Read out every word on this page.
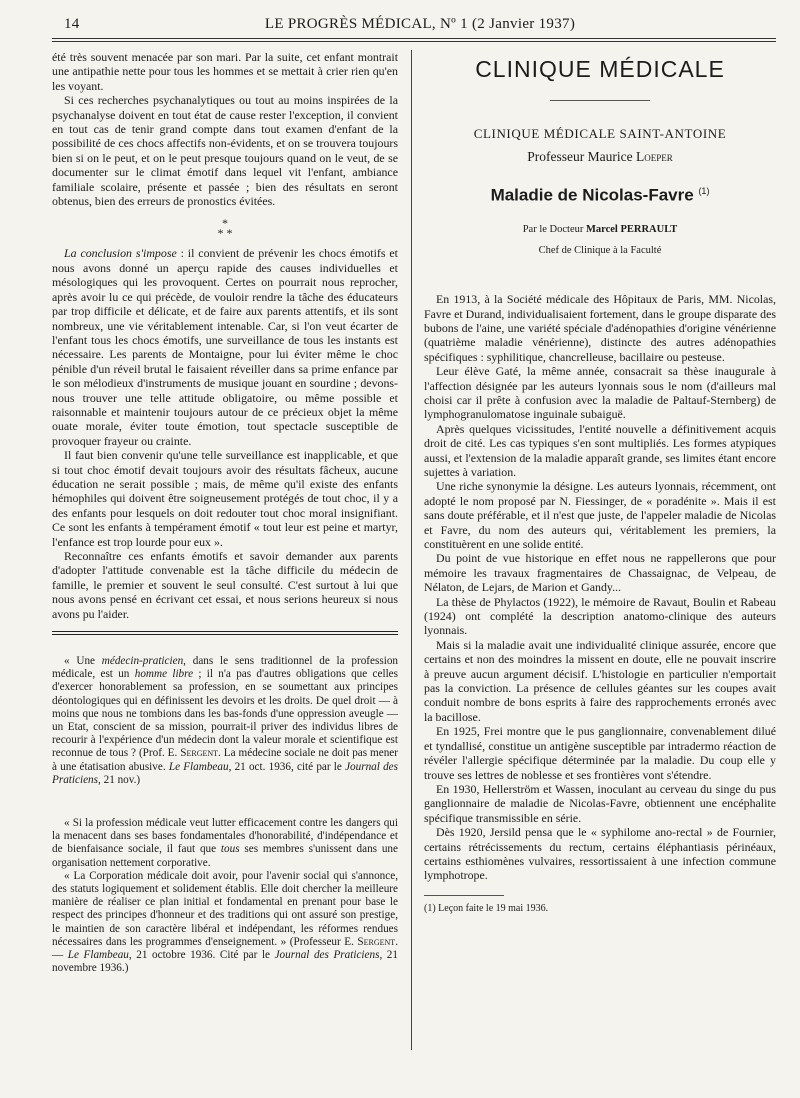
14	LE PROGRÈS MÉDICAL, Nº 1 (2 Janvier 1937)

été très souvent menacée par son mari. Par la suite, cet enfant montrait une antipathie nette pour tous les hommes et se mettait à crier rien qu'en les voyant.

Si ces recherches psychanalytiques ou tout au moins inspirées de la psychanalyse doivent en tout état de cause rester l'exception, il convient en tout cas de tenir grand compte dans tout examen d'enfant de la possibilité de ces chocs affectifs non-évidents, et on se trouvera toujours bien si on le peut, et on le peut presque toujours quand on le veut, de se documenter sur le climat émotif dans lequel vit l'enfant, ambiance familiale scolaire, présente et passée ; bien des résultats en seront obtenus, bien des erreurs de pronostics évitées.

*
* *

La conclusion s'impose : il convient de prévenir les chocs émotifs et nous avons donné un aperçu rapide des causes individuelles et mésologiques qui les provoquent. Certes on pourrait nous reprocher, après avoir lu ce qui précède, de vouloir rendre la tâche des éducateurs par trop difficile et délicate, et de faire aux parents attentifs, et ils sont nombreux, une vie véritablement intenable. Car, si l'on veut écarter de l'enfant tous les chocs émotifs, une surveillance de tous les instants est nécessaire. Les parents de Montaigne, pour lui éviter même le choc pénible d'un réveil brutal le faisaient réveiller dans sa prime enfance par le son mélodieux d'instruments de musique jouant en sourdine ; devons-nous trouver une telle attitude obligatoire, ou même possible et raisonnable et maintenir toujours autour de ce précieux objet la même ouate morale, éviter toute émotion, tout spectacle susceptible de provoquer frayeur ou crainte.

Il faut bien convenir qu'une telle surveillance est inapplicable, et que si tout choc émotif devait toujours avoir des résultats fâcheux, aucune éducation ne serait possible ; mais, de même qu'il existe des enfants hémophiles qui doivent être soigneusement protégés de tout choc, il y a des enfants pour lesquels on doit redouter tout choc moral insignifiant. Ce sont les enfants à tempérament émotif « tout leur est peine et martyr, l'enfance est trop lourde pour eux ».

Reconnaître ces enfants émotifs et savoir demander aux parents d'adopter l'attitude convenable est la tâche difficile du médecin de famille, le premier et souvent le seul consulté. C'est surtout à lui que nous avons pensé en écrivant cet essai, et nous serions heureux si nous avons pu l'aider.

« Une médecin-praticien, dans le sens traditionnel de la profession médicale, est un homme libre ; il n'a pas d'autres obligations que celles d'exercer honorablement sa profession, en se soumettant aux principes déontologiques qui en définissent les devoirs et les droits. De quel droit — à moins que nous ne tombions dans les bas-fonds d'une oppression aveugle — un Etat, conscient de sa mission, pourrait-il priver des individus libres de recourir à l'expérience d'un médecin dont la valeur morale et scientifique est reconnue de tous ? (Prof. E. Sergent. La médecine sociale ne doit pas mener à une étatisation abusive. Le Flambeau, 21 oct. 1936, cité par le Journal des Praticiens, 21 nov.)

« Si la profession médicale veut lutter efficacement contre les dangers qui la menacent dans ses bases fondamentales d'honorabilité, d'indépendance et de bienfaisance sociale, il faut que tous ses membres s'unissent dans une organisation nettement corporative.

« La Corporation médicale doit avoir, pour l'avenir social qui s'annonce, des statuts logiquement et solidement établis. Elle doit chercher la meilleure manière de réaliser ce plan initial et fondamental en prenant pour base le respect des principes d'honneur et des traditions qui ont assuré son prestige, le maintien de son caractère libéral et indépendant, les réformes rendues nécessaires dans les programmes d'enseignement. » (Professeur E. Sergent. — Le Flambeau, 21 octobre 1936. Cité par le Journal des Praticiens, 21 novembre 1936.)

CLINIQUE MÉDICALE
CLINIQUE MÉDICALE SAINT-ANTOINE
Professeur Maurice Loeper
Maladie de Nicolas-Favre $^{(1)}$
Par le Docteur Marcel PERRAULT
Chef de Clinique à la Faculté

En 1913, à la Société médicale des Hôpitaux de Paris, MM. Nicolas, Favre et Durand, individualisaient fortement, dans le groupe disparate des bubons de l'aine, une variété spéciale d'adénopathies d'origine vénérienne (quatrième maladie vénérienne), distincte des autres adénopathies spécifiques : syphilitique, chancrelleuse, bacillaire ou pesteuse.

Leur élève Gaté, la même année, consacrait sa thèse inaugurale à l'affection désignée par les auteurs lyonnais sous le nom (d'ailleurs mal choisi car il prête à confusion avec la maladie de Paltauf-Sternberg) de lymphogranulomatose inguinale subaiguë.

Après quelques vicissitudes, l'entité nouvelle a définitivement acquis droit de cité. Les cas typiques s'en sont multipliés. Les formes atypiques aussi, et l'extension de la maladie apparaît grande, ses limites étant encore sujettes à variation.

Une riche synonymie la désigne. Les auteurs lyonnais, récemment, ont adopté le nom proposé par N. Fiessinger, de « poradénite ». Mais il est sans doute préférable, et il n'est que juste, de l'appeler maladie de Nicolas et Favre, du nom des auteurs qui, véritablement les premiers, la constituèrent en une solide entité.

Du point de vue historique en effet nous ne rappellerons que pour mémoire les travaux fragmentaires de Chassaignac, de Velpeau, de Nélaton, de Lejars, de Marion et Gandy...

La thèse de Phylactos (1922), le mémoire de Ravaut, Boulin et Rabeau (1924) ont complété la description anatomo-clinique des auteurs lyonnais.

Mais si la maladie avait une individualité clinique assurée, encore que certains et non des moindres la missent en doute, elle ne pouvait inscrire à preuve aucun argument décisif. L'histologie en particulier n'emportait pas la conviction. La présence de cellules géantes sur les coupes avait conduit nombre de bons esprits à faire des rapprochements erronés avec la bacillose.

En 1925, Frei montre que le pus ganglionnaire, convenablement dilué et tyndallisé, constitue un antigène susceptible par intradermo réaction de révéler l'allergie spécifique déterminée par la maladie. Du coup elle y trouve ses lettres de noblesse et ses frontières vont s'étendre.

En 1930, Hellerström et Wassen, inoculant au cerveau du singe du pus ganglionnaire de maladie de Nicolas-Favre, obtiennent une encéphalite spécifique transmissible en série.

Dès 1920, Jersild pensa que le « syphilome ano-rectal » de Fournier, certains rétrécissements du rectum, certains éléphantiasis périnéaux, certains esthiomènes vulvaires, ressortissaient à une infection commune lymphotrope.

(1) Leçon faite le 19 mai 1936.
